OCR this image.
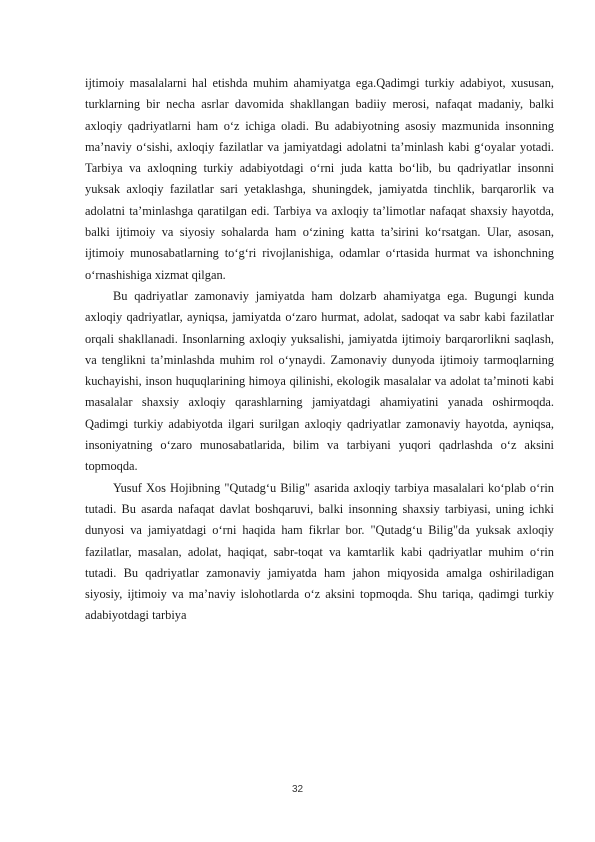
ijtimoiy masalalarni hal etishda muhim ahamiyatga ega.Qadimgi turkiy adabiyot, xususan, turklarning bir necha asrlar davomida shakllangan badiiy merosi, nafaqat madaniy, balki axloqiy qadriyatlarni ham o‘z ichiga oladi. Bu adabiyotning asosiy mazmunida insonning ma’naviy o‘sishi, axloqiy fazilatlar va jamiyatdagi adolatni ta’minlash kabi g‘oyalar yotadi. Tarbiya va axloqning turkiy adabiyotdagi o‘rni juda katta bo‘lib, bu qadriyatlar insonni yuksak axloqiy fazilatlar sari yetaklashga, shuningdek, jamiyatda tinchlik, barqarorlik va adolatni ta’minlashga qaratilgan edi. Tarbiya va axloqiy ta’limotlar nafaqat shaxsiy hayotda, balki ijtimoiy va siyosiy sohalarda ham o‘zining katta ta’sirini ko‘rsatgan. Ular, asosan, ijtimoiy munosabatlarning to‘g‘ri rivojlanishiga, odamlar o‘rtasida hurmat va ishonchning o‘rnashishiga xizmat qilgan.

Bu qadriyatlar zamonaviy jamiyatda ham dolzarb ahamiyatga ega. Bugungi kunda axloqiy qadriyatlar, ayniqsa, jamiyatda o‘zaro hurmat, adolat, sadoqat va sabr kabi fazilatlar orqali shakllanadi. Insonlarning axloqiy yuksalishi, jamiyatda ijtimoiy barqarorlikni saqlash, va tenglikni ta’minlashda muhim rol o‘ynaydi. Zamonaviy dunyoda ijtimoiy tarmoqlarning kuchayishi, inson huquqlarining himoya qilinishi, ekologik masalalar va adolat ta’minoti kabi masalalar shaxsiy axloqiy qarashlarning jamiyatdagi ahamiyatini yanada oshirmoqda. Qadimgi turkiy adabiyotda ilgari surilgan axloqiy qadriyatlar zamonaviy hayotda, ayniqsa, insoniyatning o‘zaro munosabatlarida, bilim va tarbiyani yuqori qadrlashda o‘z aksini topmoqda.

Yusuf Xos Hojibning "Qutadg‘u Bilig" asarida axloqiy tarbiya masalalari ko‘plab o‘rin tutadi. Bu asarda nafaqat davlat boshqaruvi, balki insonning shaxsiy tarbiyasi, uning ichki dunyosi va jamiyatdagi o‘rni haqida ham fikrlar bor. "Qutadg‘u Bilig"da yuksak axloqiy fazilatlar, masalan, adolat, haqiqat, sabr-toqat va kamtarlik kabi qadriyatlar muhim o‘rin tutadi. Bu qadriyatlar zamonaviy jamiyatda ham jahon miqyosida amalga oshiriladigan siyosiy, ijtimoiy va ma’naviy islohotlarda o‘z aksini topmoqda. Shu tariqa, qadimgi turkiy adabiyotdagi tarbiya

32
